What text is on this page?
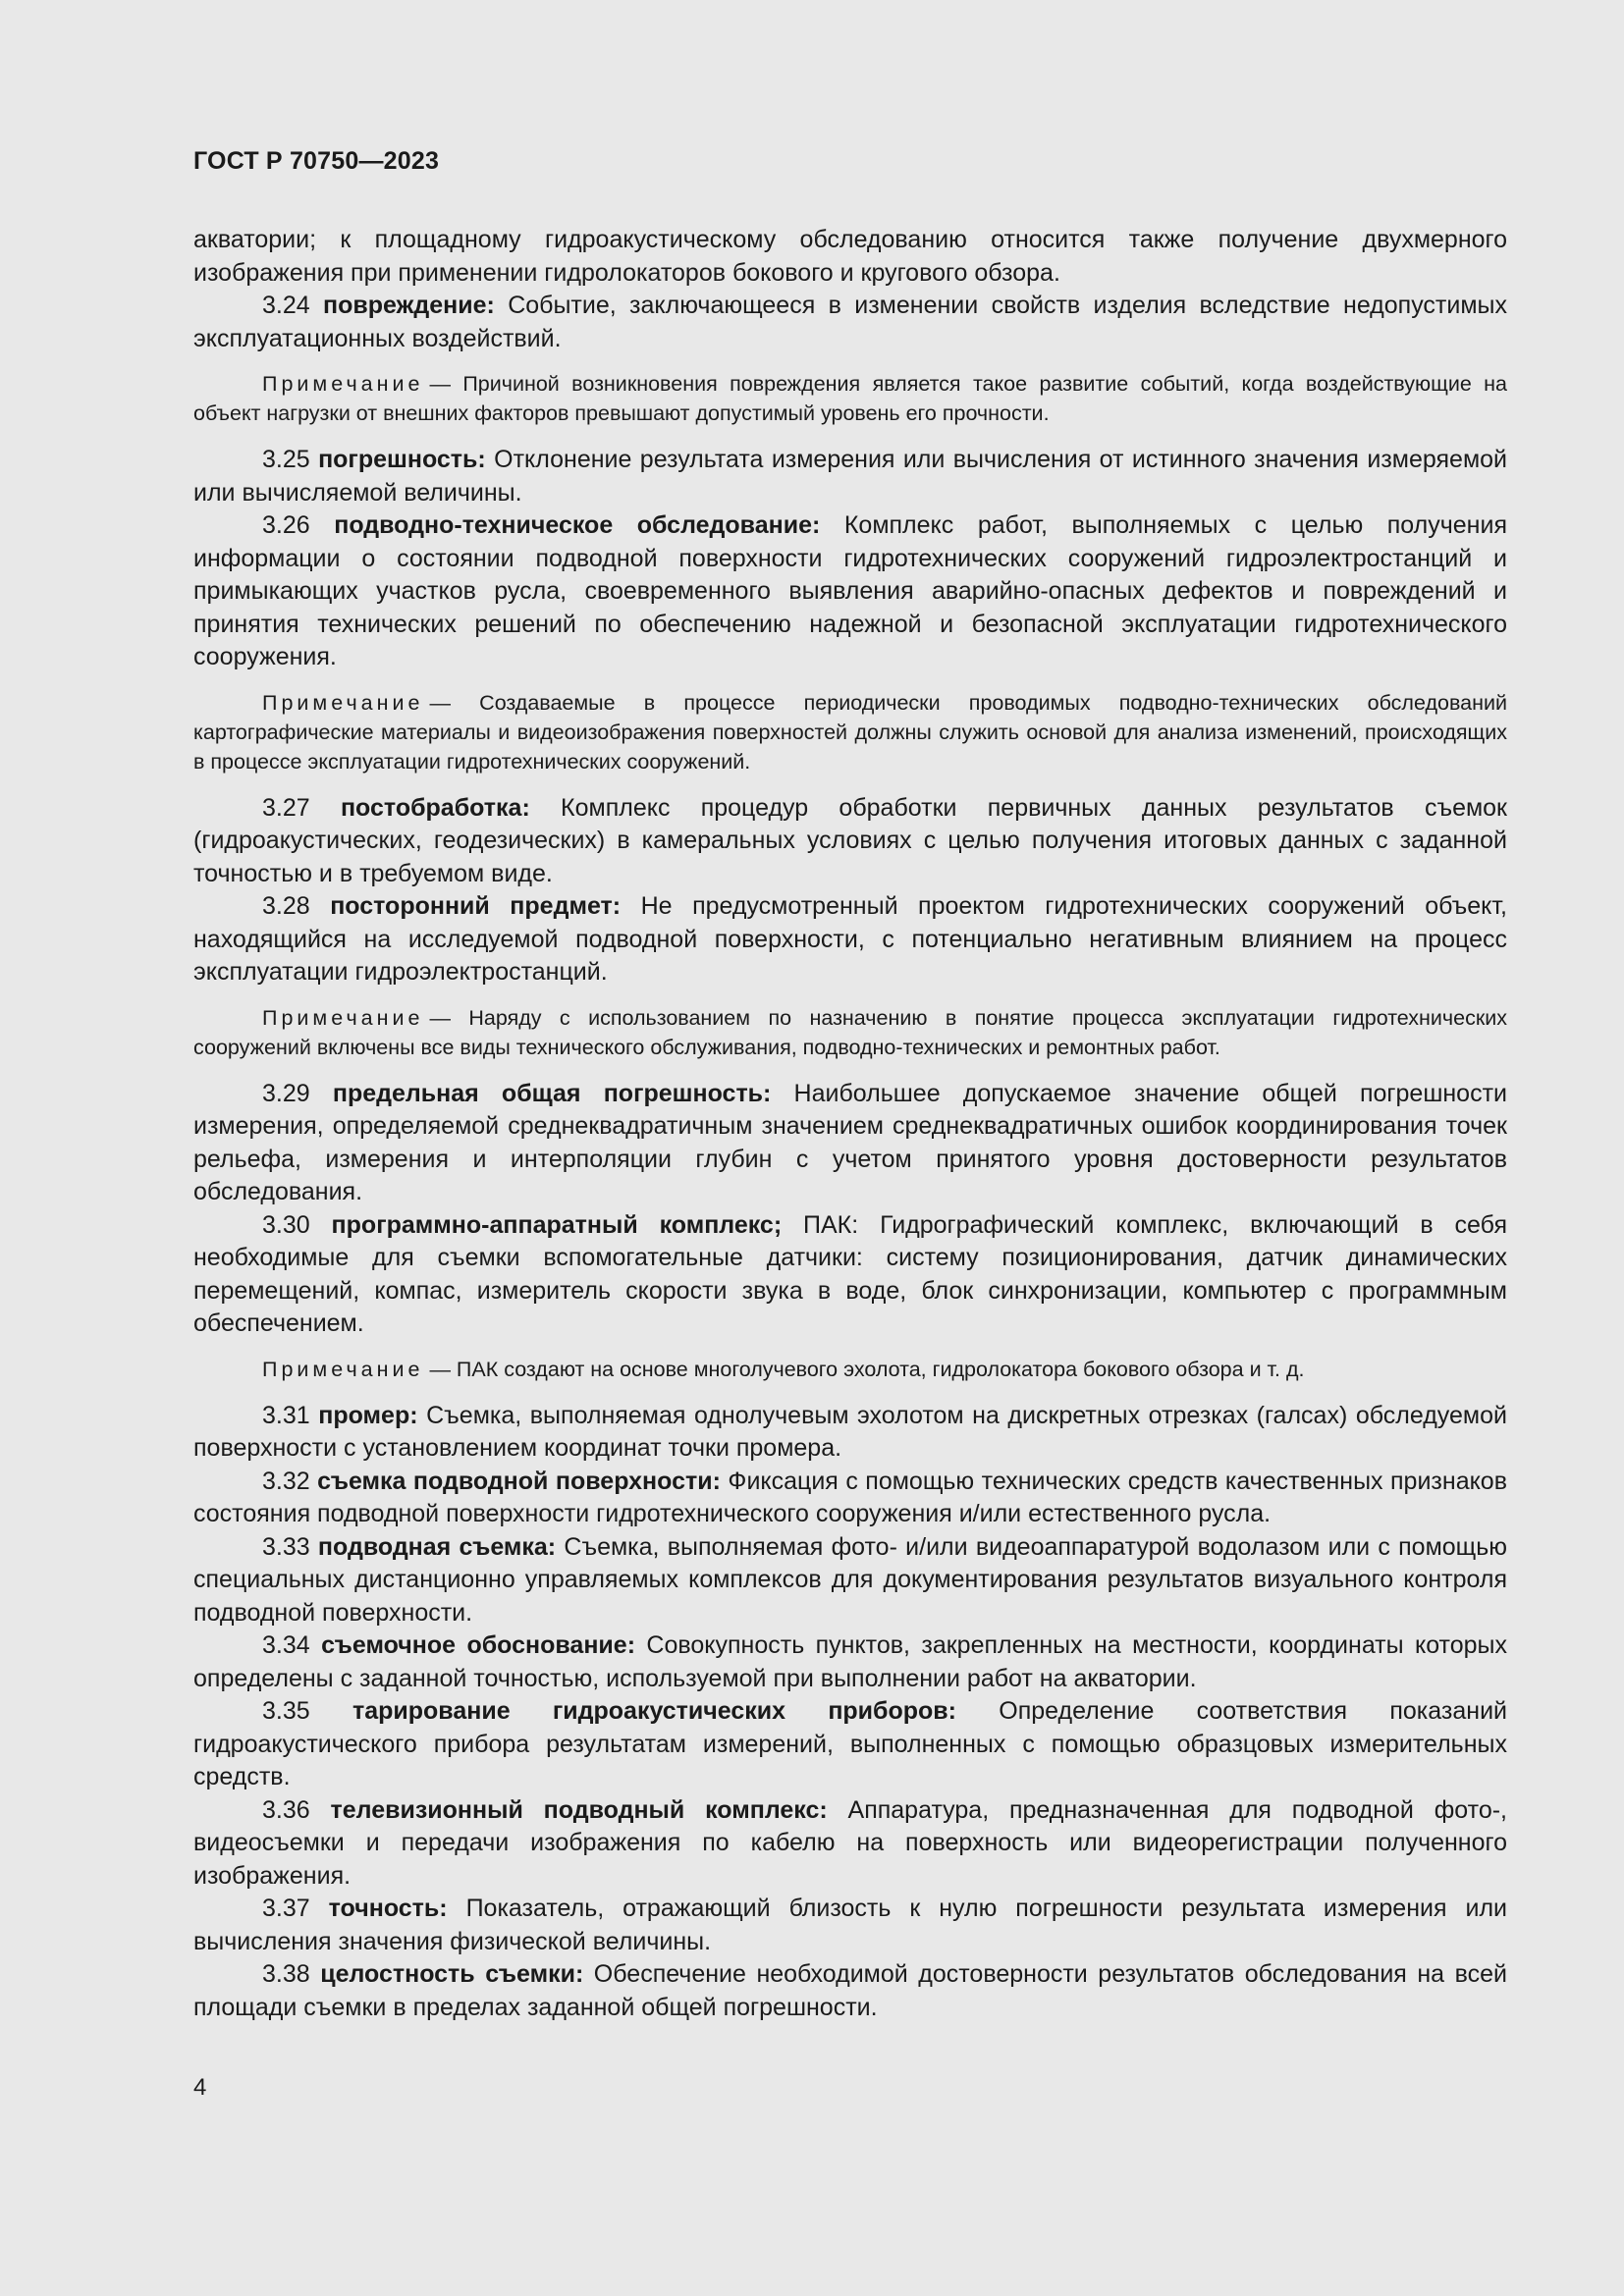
ГОСТ Р 70750—2023

акватории; к площадному гидроакустическому обследованию относится также получение двухмерного изображения при применении гидролокаторов бокового и кругового обзора.

3.24 повреждение: Событие, заключающееся в изменении свойств изделия вследствие недопустимых эксплуатационных воздействий.

Примечание — Причиной возникновения повреждения является такое развитие событий, когда воздействующие на объект нагрузки от внешних факторов превышают допустимый уровень его прочности.

3.25 погрешность: Отклонение результата измерения или вычисления от истинного значения измеряемой или вычисляемой величины.

3.26 подводно-техническое обследование: Комплекс работ, выполняемых с целью получения информации о состоянии подводной поверхности гидротехнических сооружений гидроэлектростанций и примыкающих участков русла, своевременного выявления аварийно-опасных дефектов и повреждений и принятия технических решений по обеспечению надежной и безопасной эксплуатации гидротехнического сооружения.

Примечание — Создаваемые в процессе периодически проводимых подводно-технических обследований картографические материалы и видеоизображения поверхностей должны служить основой для анализа изменений, происходящих в процессе эксплуатации гидротехнических сооружений.

3.27 постобработка: Комплекс процедур обработки первичных данных результатов съемок (гидроакустических, геодезических) в камеральных условиях с целью получения итоговых данных с заданной точностью и в требуемом виде.

3.28 посторонний предмет: Не предусмотренный проектом гидротехнических сооружений объект, находящийся на исследуемой подводной поверхности, с потенциально негативным влиянием на процесс эксплуатации гидроэлектростанций.

Примечание — Наряду с использованием по назначению в понятие процесса эксплуатации гидротехнических сооружений включены все виды технического обслуживания, подводно-технических и ремонтных работ.

3.29 предельная общая погрешность: Наибольшее допускаемое значение общей погрешности измерения, определяемой среднеквадратичным значением среднеквадратичных ошибок координирования точек рельефа, измерения и интерполяции глубин с учетом принятого уровня достоверности результатов обследования.

3.30 программно-аппаратный комплекс; ПАК: Гидрографический комплекс, включающий в себя необходимые для съемки вспомогательные датчики: систему позиционирования, датчик динамических перемещений, компас, измеритель скорости звука в воде, блок синхронизации, компьютер с программным обеспечением.

Примечание — ПАК создают на основе многолучевого эхолота, гидролокатора бокового обзора и т. д.

3.31 промер: Съемка, выполняемая однолучевым эхолотом на дискретных отрезках (галсах) обследуемой поверхности с установлением координат точки промера.

3.32 съемка подводной поверхности: Фиксация с помощью технических средств качественных признаков состояния подводной поверхности гидротехнического сооружения и/или естественного русла.

3.33 подводная съемка: Съемка, выполняемая фото- и/или видеоаппаратурой водолазом или с помощью специальных дистанционно управляемых комплексов для документирования результатов визуального контроля подводной поверхности.

3.34 съемочное обоснование: Совокупность пунктов, закрепленных на местности, координаты которых определены с заданной точностью, используемой при выполнении работ на акватории.

3.35 тарирование гидроакустических приборов: Определение соответствия показаний гидроакустического прибора результатам измерений, выполненных с помощью образцовых измерительных средств.

3.36 телевизионный подводный комплекс: Аппаратура, предназначенная для подводной фото-, видеосъемки и передачи изображения по кабелю на поверхность или видеорегистрации полученного изображения.

3.37 точность: Показатель, отражающий близость к нулю погрешности результата измерения или вычисления значения физической величины.

3.38 целостность съемки: Обеспечение необходимой достоверности результатов обследования на всей площади съемки в пределах заданной общей погрешности.

4
